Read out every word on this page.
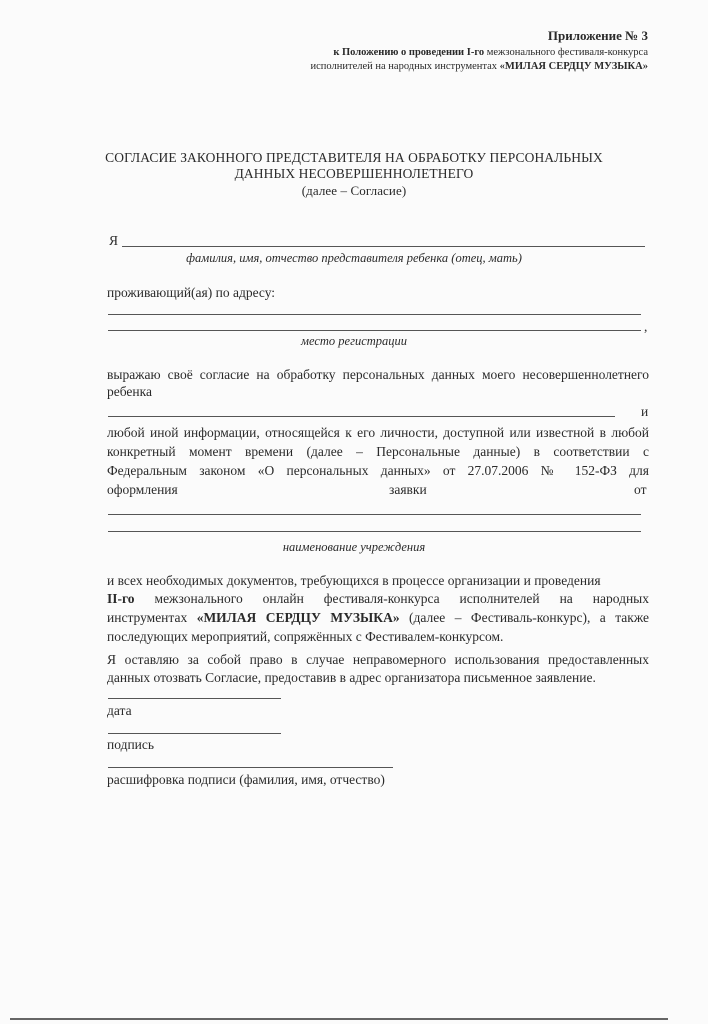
Приложение № 3
к Положению о проведении I-го межзонального фестиваля-конкурса
исполнителей на народных инструментах «МИЛАЯ СЕРДЦУ МУЗЫКА»
СОГЛАСИЕ ЗАКОННОГО ПРЕДСТАВИТЕЛЯ НА ОБРАБОТКУ ПЕРСОНАЛЬНЫХ
ДАННЫХ НЕСОВЕРШЕННОЛЕТНЕГО
(далее – Согласие)
Я
фамилия, имя, отчество представителя ребенка (отец, мать)
проживающий(ая) по адресу:
,
место регистрации
выражаю своё согласие на обработку персональных данных моего несовершеннолетнего
ребенка
и
любой иной информации, относящейся к его личности, доступной или известной в любой
конкретный момент времени (далее – Персональные данные) в соответствии с
Федеральным законом «О персональных данных» от 27.07.2006 № 152-ФЗ для
оформления	заявки	от
наименование учреждения
и всех необходимых документов, требующихся в процессе организации и проведения
II-го межзонального онлайн фестиваля-конкурса исполнителей на народных
инструментах «МИЛАЯ СЕРДЦУ МУЗЫКА» (далее – Фестиваль-конкурс), а также
последующих мероприятий, сопряжённых с Фестивалем-конкурсом.
Я оставляю за собой право в случае неправомерного использования предоставленных
данных отозвать Согласие, предоставив в адрес организатора письменное заявление.
дата
подпись
расшифровка подписи (фамилия, имя, отчество)
